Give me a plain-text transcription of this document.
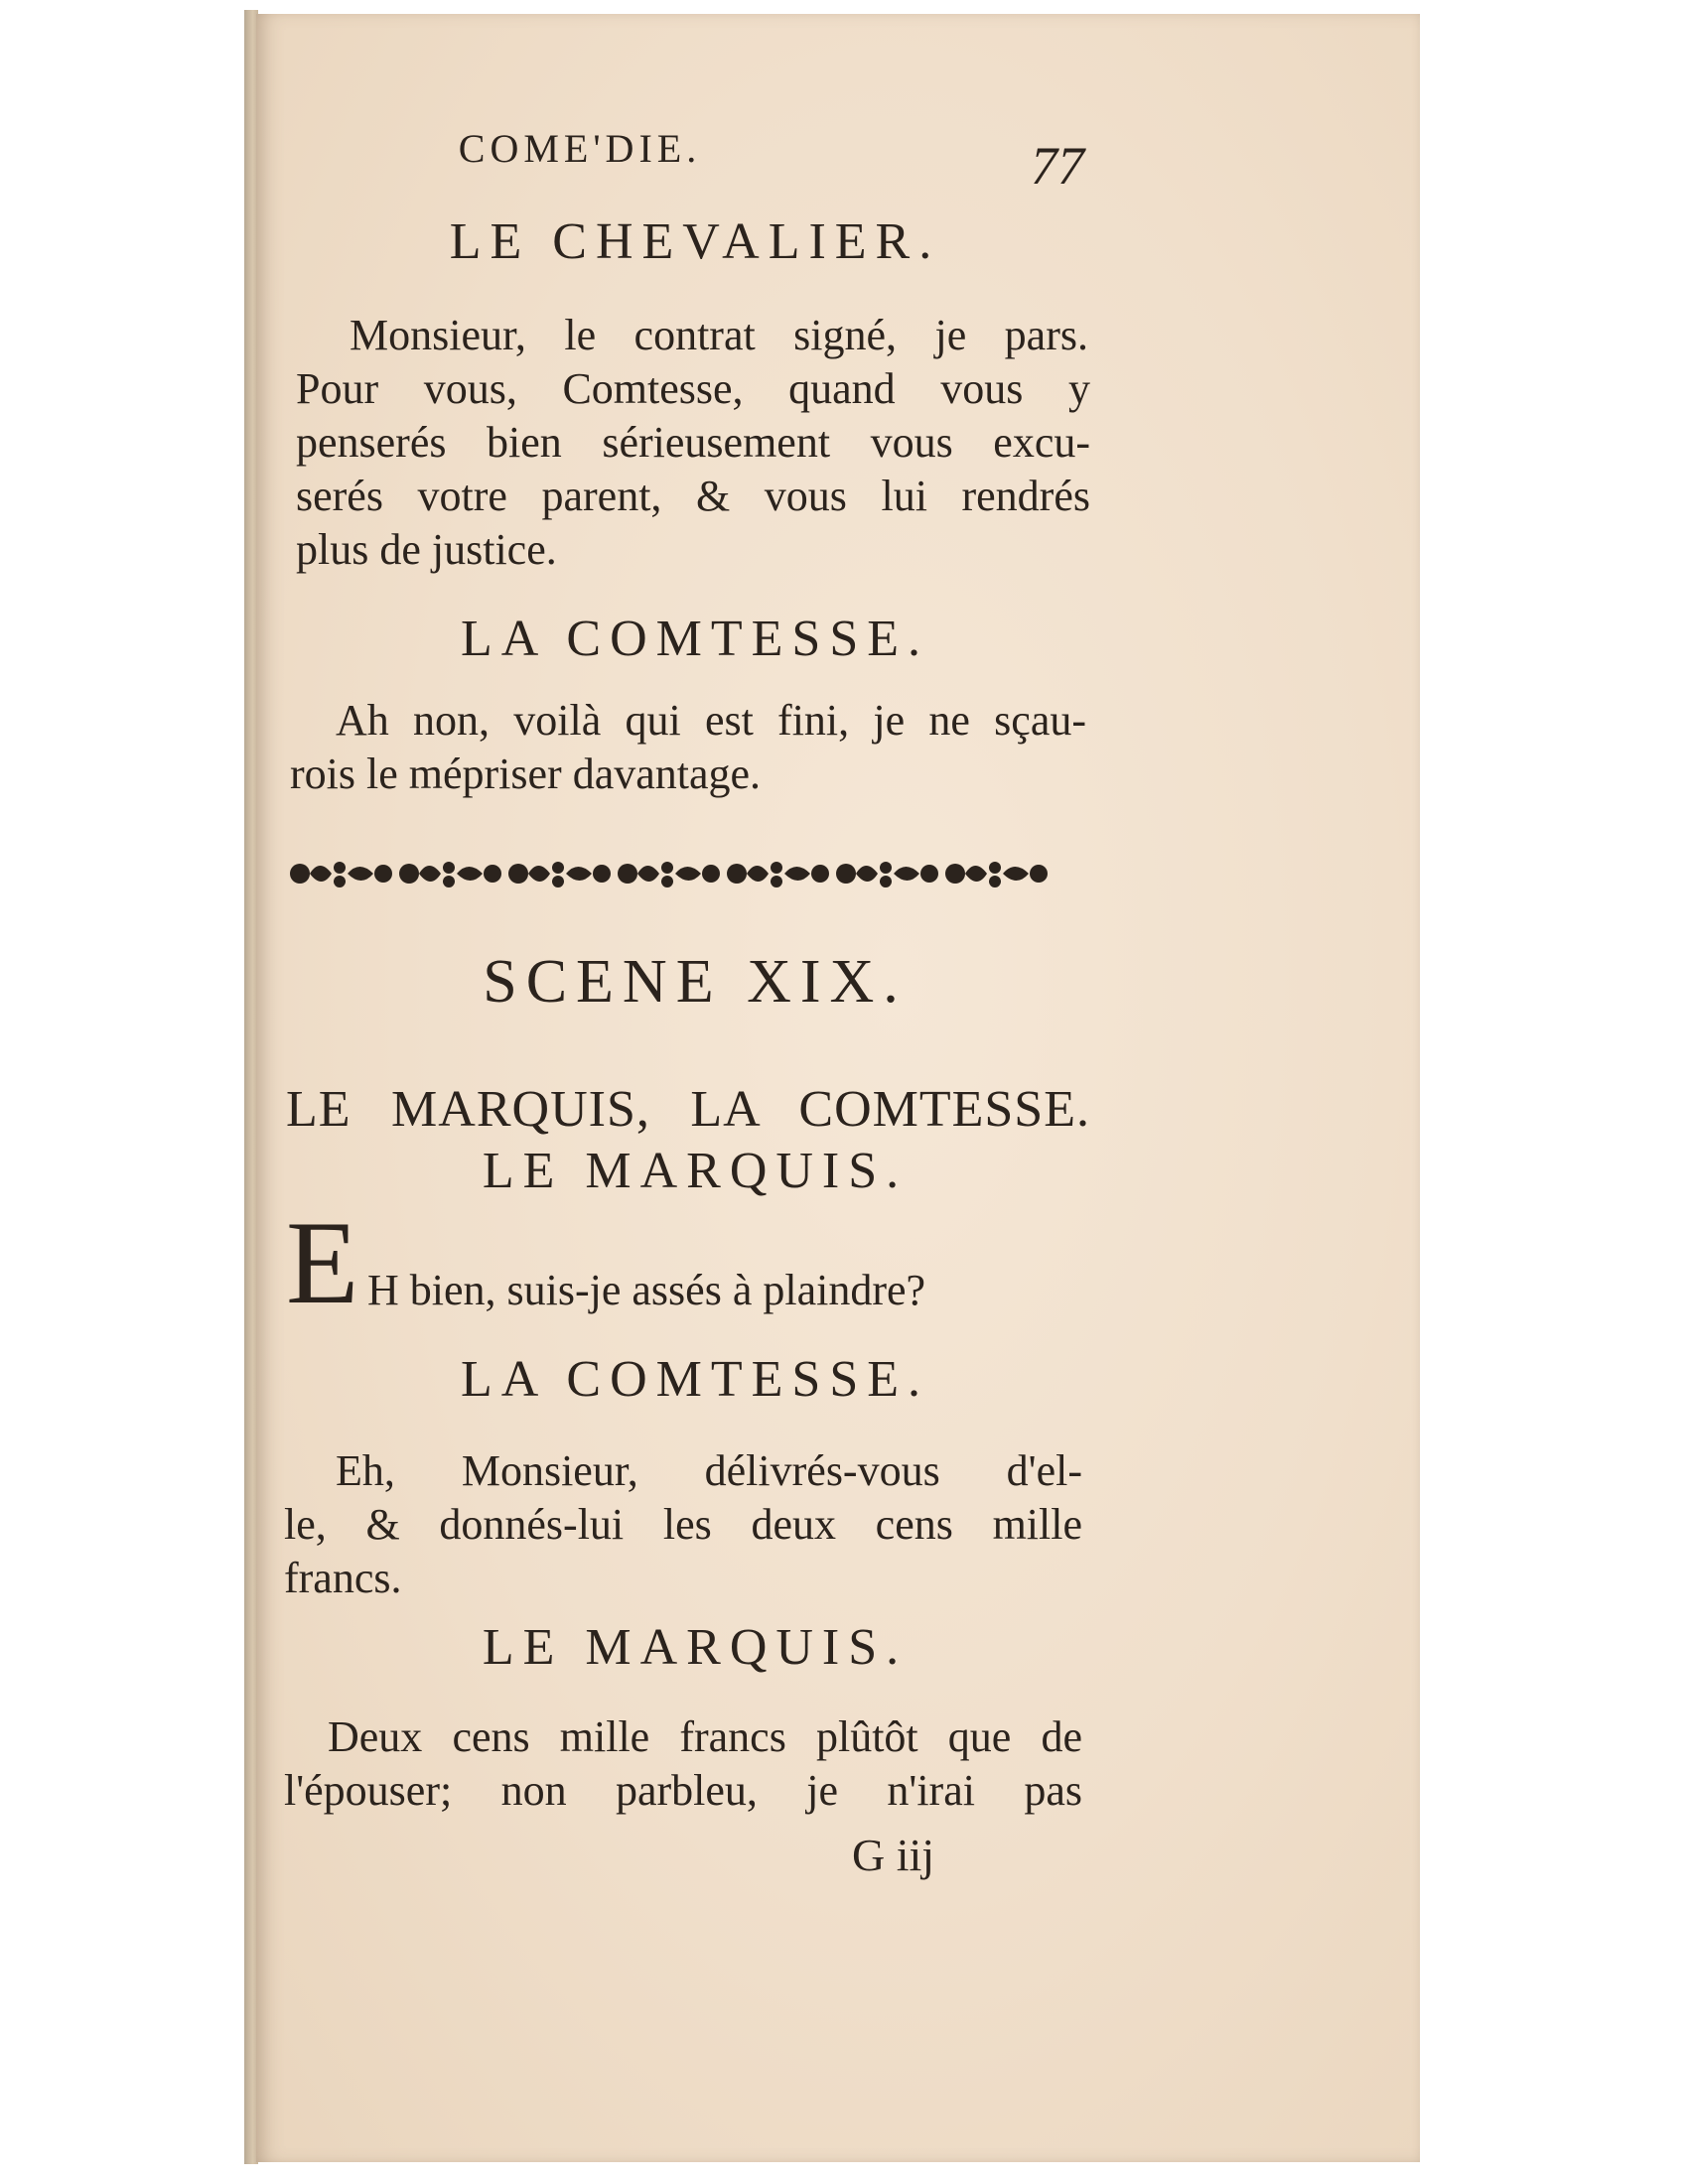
COME'DIE.	77
LE CHEVALIER.
Monsieur, le contrat signé, je pars.
Pour vous, Comtesse, quand vous y
penserés bien sérieusement vous excu-
serés votre parent, & vous lui rendrés
plus de justice.
LA COMTESSE.
Ah non, voilà qui est fini, je ne sçau-
rois le mépriser davantage.
SCENE XIX.
LE MARQUIS, LA COMTESSE.
LE MARQUIS.
E H bien, suis-je assés à plaindre?
LA COMTESSE.
Eh, Monsieur, délivrés-vous d'el-
le, & donnés-lui les deux cens mille
francs.
LE MARQUIS.
Deux cens mille francs plûtôt que de
l'épouser; non parbleu, je n'irai pas
G iij
